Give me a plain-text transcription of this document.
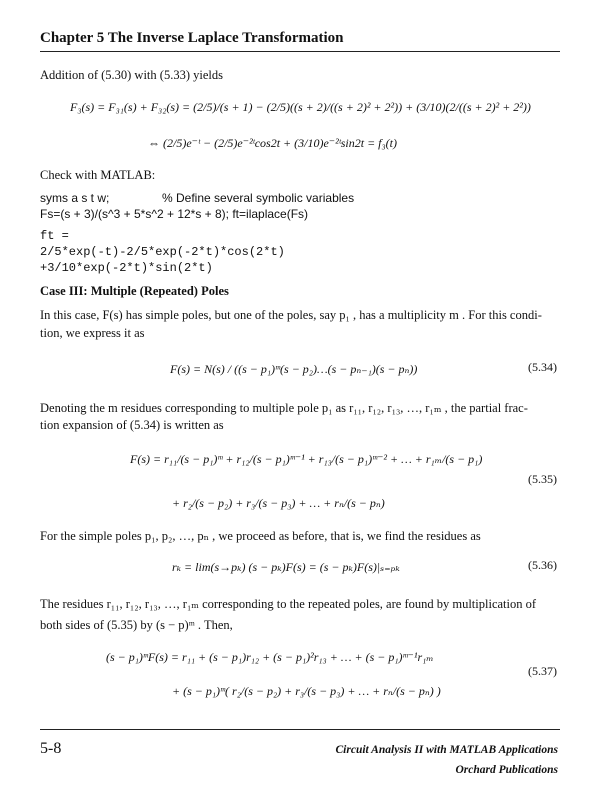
Chapter 5 The Inverse Laplace Transformation
Addition of (5.30) with (5.33) yields
F₃(s) = F₃₁(s) + F₃₂(s) = (2/5)/(s + 1) − (2/5)((s + 2)/((s + 2)² + 2²)) + (3/10)(2/((s + 2)² + 2²))
⇔ (2/5)e⁻ᵗ − (2/5)e⁻²ᵗcos2t + (3/10)e⁻²ᵗsin2t = f₃(t)
Check with MATLAB:
syms a s t w;	% Define several symbolic variables
Fs=(s + 3)/(s^3 + 5*s^2 + 12*s + 8); ft=ilaplace(Fs)
ft =
2/5*exp(-t)-2/5*exp(-2*t)*cos(2*t)
+3/10*exp(-2*t)*sin(2*t)
Case III: Multiple (Repeated) Poles
In this case, F(s) has simple poles, but one of the poles, say p₁ , has a multiplicity m . For this condi-
tion, we express it as
F(s) = N(s) / ((s − p₁)ᵐ(s − p₂)…(s − pₙ₋₁)(s − pₙ))	(5.34)
Denoting the m residues corresponding to multiple pole p₁ as r₁₁, r₁₂, r₁₃, …, r₁ₘ , the partial frac-
tion expansion of (5.34) is written as
F(s) = r₁₁/(s − p₁)ᵐ + r₁₂/(s − p₁)ᵐ⁻¹ + r₁₃/(s − p₁)ᵐ⁻² + … + r₁ₘ/(s − p₁)
+ r₂/(s − p₂) + r₃/(s − p₃) + … + rₙ/(s − pₙ)
(5.35)
For the simple poles p₁, p₂, …, pₙ , we proceed as before, that is, we find the residues as
rₖ = lim(s→pₖ) (s − pₖ)F(s) = (s − pₖ)F(s)|ₛ₌ₚₖ	(5.36)
The residues r₁₁, r₁₂, r₁₃, …, r₁ₘ corresponding to the repeated poles, are found by multiplication of
both sides of (5.35) by (s − p)ᵐ . Then,
(s − p₁)ᵐF(s) = r₁₁ + (s − p₁)r₁₂ + (s − p₁)²r₁₃ + … + (s − p₁)ᵐ⁻¹r₁ₘ
+ (s − p₁)ᵐ( r₂/(s − p₂) + r₃/(s − p₃) + … + rₙ/(s − pₙ) )
(5.37)
5-8	Circuit Analysis II with MATLAB Applications
Orchard Publications
